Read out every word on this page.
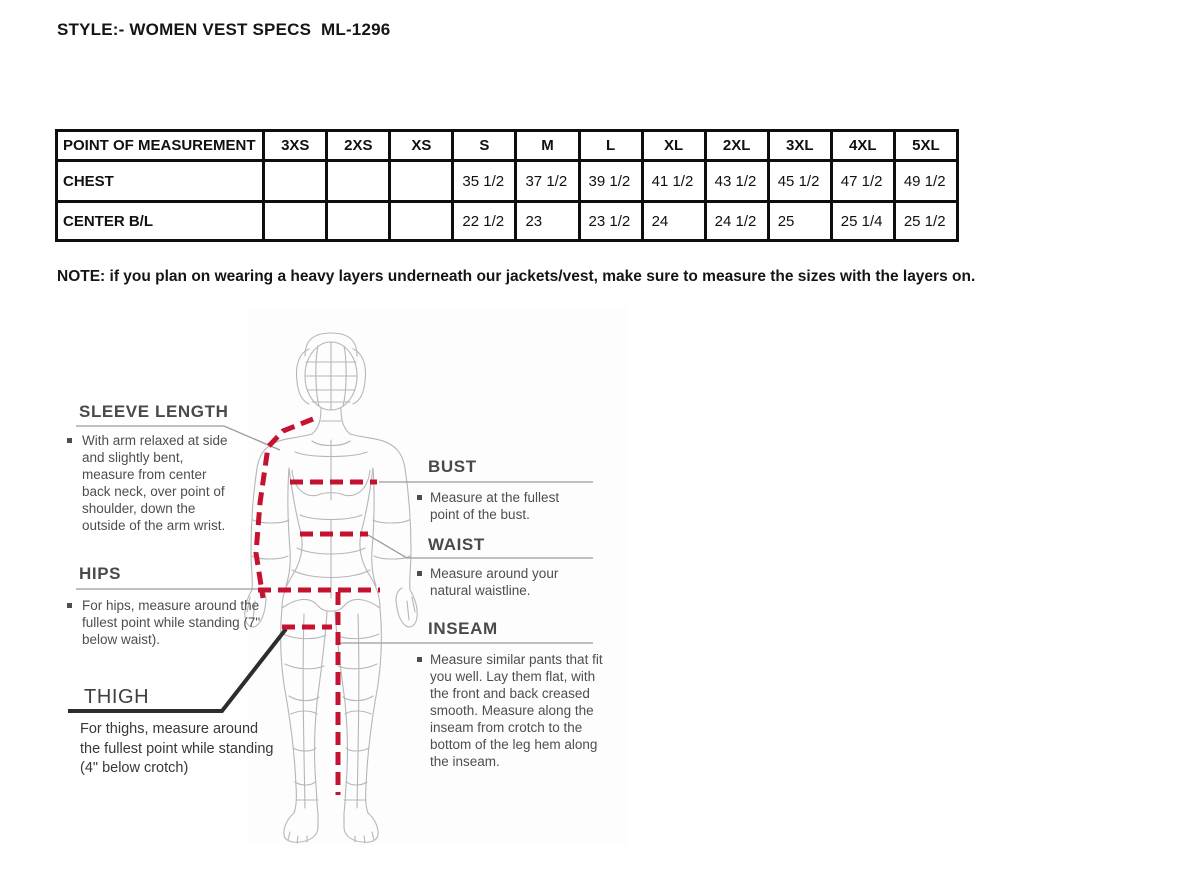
STYLE:- WOMEN VEST SPECS  ML-1296
POINT OF MEASUREMENT	3XS	2XS	XS	S	M	L	XL	2XL	3XL	4XL	5XL
CHEST				35 1/2	37 1/2	39 1/2	41 1/2	43 1/2	45 1/2	47 1/2	49 1/2
CENTER B/L				22 1/2	23	23 1/2	24	24 1/2	25	25 1/4	25 1/2
NOTE: if you plan on wearing a heavy layers underneath our jackets/vest, make sure to measure the sizes with the layers on.
SLEEVE LENGTH
With arm relaxed at side and slightly bent, measure from center back neck, over point of shoulder, down the outside of the arm wrist.
HIPS
For hips, measure around the fullest point while standing (7" below waist).
THIGH
For thighs, measure around the fullest point while standing (4" below crotch)
BUST
Measure at the fullest point of the bust.
WAIST
Measure around your natural waistline.
INSEAM
Measure similar pants that fit you well. Lay them flat, with the front and back creased smooth. Measure along the inseam from crotch to the bottom of the leg hem along the inseam.
